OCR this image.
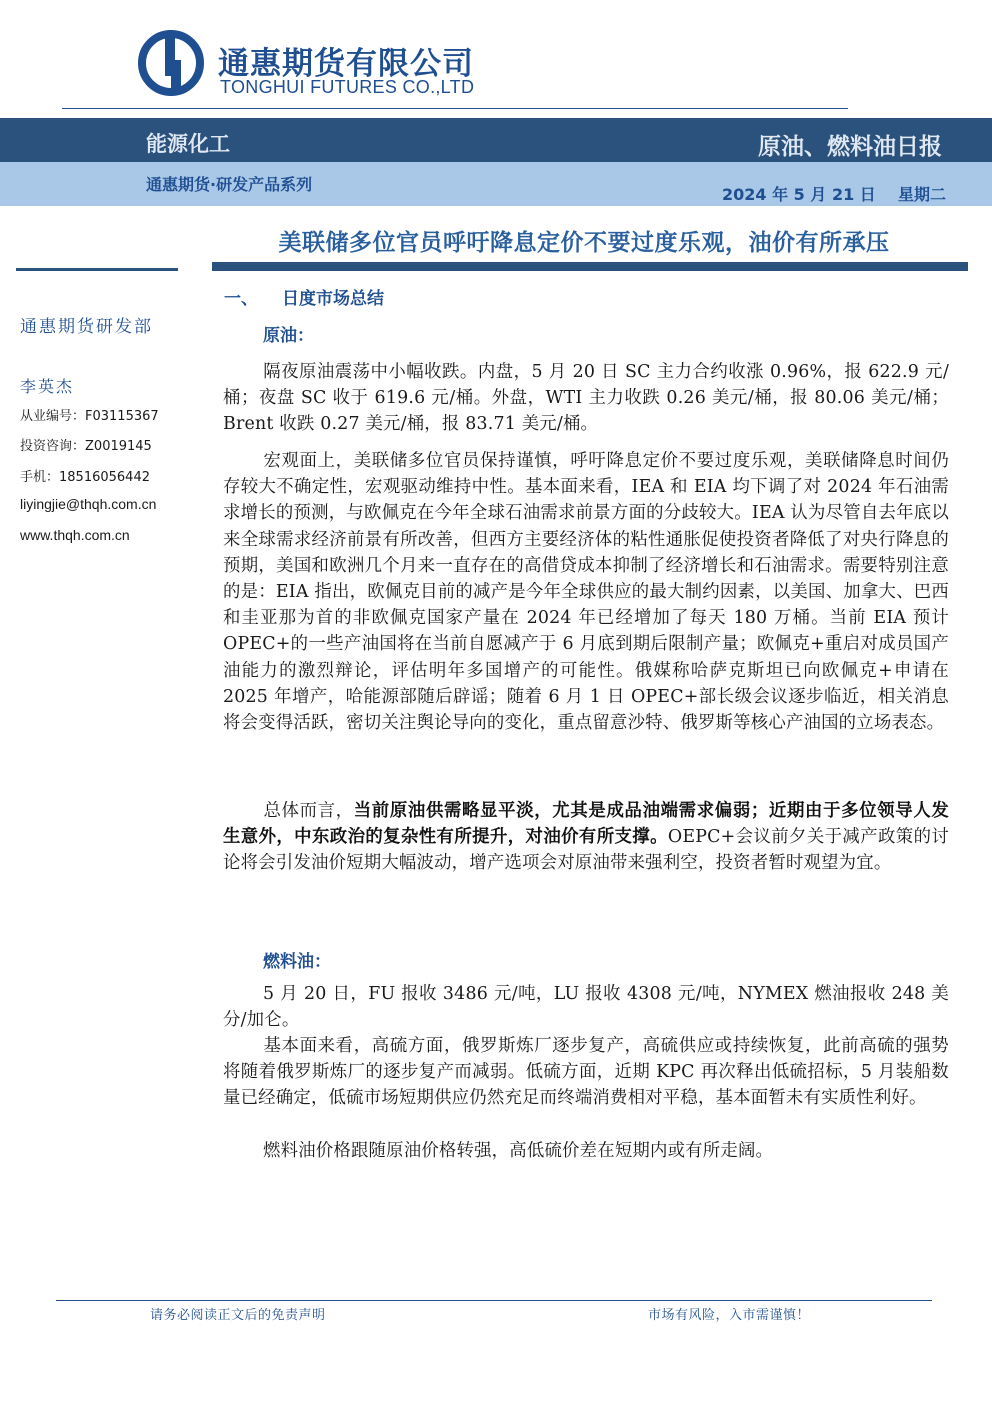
通惠期货有限公司
TONGHUI FUTURES CO.,LTD
能源化工	原油、燃料油日报
通惠期货·研发产品系列
2024 年 5 月 21 日 星期二
美联储多位官员呼吁降息定价不要过度乐观，油价有所承压
通惠期货研发部
李英杰
从业编号：F03115367
投资咨询：Z0019145
手机：18516056442
liyingjie@thqh.com.cn
www.thqh.com.cn
一、 日度市场总结
原油：
隔夜原油震荡中小幅收跌。内盘，5 月 20 日 SC 主力合约收涨 0.96%，报 622.9 元/桶；夜盘 SC 收于 619.6 元/桶。外盘，WTI 主力收跌 0.26 美元/桶，报 80.06 美元/桶；Brent 收跌 0.27 美元/桶，报 83.71 美元/桶。
宏观面上，美联储多位官员保持谨慎，呼吁降息定价不要过度乐观，美联储降息时间仍存较大不确定性，宏观驱动维持中性。基本面来看，IEA 和 EIA 均下调了对 2024 年石油需求增长的预测，与欧佩克在今年全球石油需求前景方面的分歧较大。IEA 认为尽管自去年底以来全球需求经济前景有所改善，但西方主要经济体的粘性通胀促使投资者降低了对央行降息的预期，美国和欧洲几个月来一直存在的高借贷成本抑制了经济增长和石油需求。需要特别注意的是：EIA 指出，欧佩克目前的减产是今年全球供应的最大制约因素，以美国、加拿大、巴西和圭亚那为首的非欧佩克国家产量在 2024 年已经增加了每天 180 万桶。当前 EIA 预计 OPEC+的一些产油国将在当前自愿减产于 6 月底到期后限制产量；欧佩克+重启对成员国产油能力的激烈辩论，评估明年多国增产的可能性。俄媒称哈萨克斯坦已向欧佩克+申请在 2025 年增产，哈能源部随后辟谣；随着 6 月 1 日 OPEC+部长级会议逐步临近，相关消息将会变得活跃，密切关注舆论导向的变化，重点留意沙特、俄罗斯等核心产油国的立场表态。
总体而言，当前原油供需略显平淡，尤其是成品油端需求偏弱；近期由于多位领导人发生意外，中东政治的复杂性有所提升，对油价有所支撑。OEPC+会议前夕关于减产政策的讨论将会引发油价短期大幅波动，增产选项会对原油带来强利空，投资者暂时观望为宜。
燃料油：
5 月 20 日，FU 报收 3486 元/吨，LU 报收 4308 元/吨，NYMEX 燃油报收 248 美分/加仑。
基本面来看，高硫方面，俄罗斯炼厂逐步复产，高硫供应或持续恢复，此前高硫的强势将随着俄罗斯炼厂的逐步复产而减弱。低硫方面，近期 KPC 再次释出低硫招标，5 月装船数量已经确定，低硫市场短期供应仍然充足而终端消费相对平稳，基本面暂未有实质性利好。
燃料油价格跟随原油价格转强，高低硫价差在短期内或有所走阔。
请务必阅读正文后的免责声明	市场有风险，入市需谨慎！
